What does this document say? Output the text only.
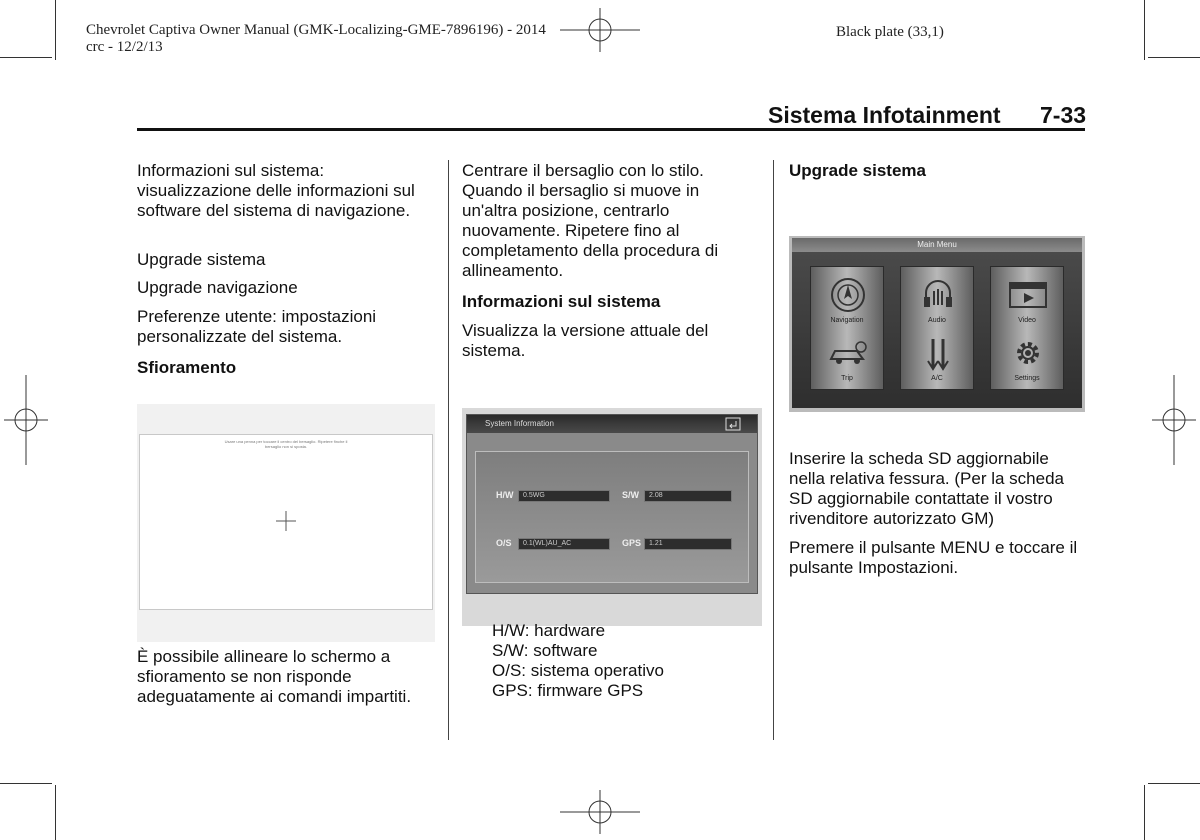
Chevrolet Captiva Owner Manual (GMK-Localizing-GME-7896196) - 2014
crc - 12/2/13
Black plate (33,1)
Sistema Infotainment 7-33

Informazioni sul sistema: visualizzazione delle informazioni sul software del sistema di navigazione.

Upgrade sistema

Upgrade navigazione

Preferenze utente: impostazioni personalizzate del sistema.

Sfioramento

Usare una penna per toccare il centro del bersaglio. Ripetere finche il bersaglio non si sposta.

È possibile allineare lo schermo a sfioramento se non risponde adeguatamente ai comandi impartiti.

Centrare il bersaglio con lo stilo. Quando il bersaglio si muove in un'altra posizione, centrarlo nuovamente. Ripetere fino al completamento della procedura di allineamento.

Informazioni sul sistema

Visualizza la versione attuale del sistema.

System Information
H/W	0.5WG	S/W	2.08
O/S	0.1(WL)AU_AC	GPS	1.21

H/W: hardware

S/W: software

O/S: sistema operativo

GPS: firmware GPS

Upgrade sistema

Main Menu
Navigation
Trip
Audio
A/C
Video
Settings

Inserire la scheda SD aggiornabile nella relativa fessura. (Per la scheda SD aggiornabile contattate il vostro rivenditore autorizzato GM)

Premere il pulsante MENU e toccare il pulsante Impostazioni.
